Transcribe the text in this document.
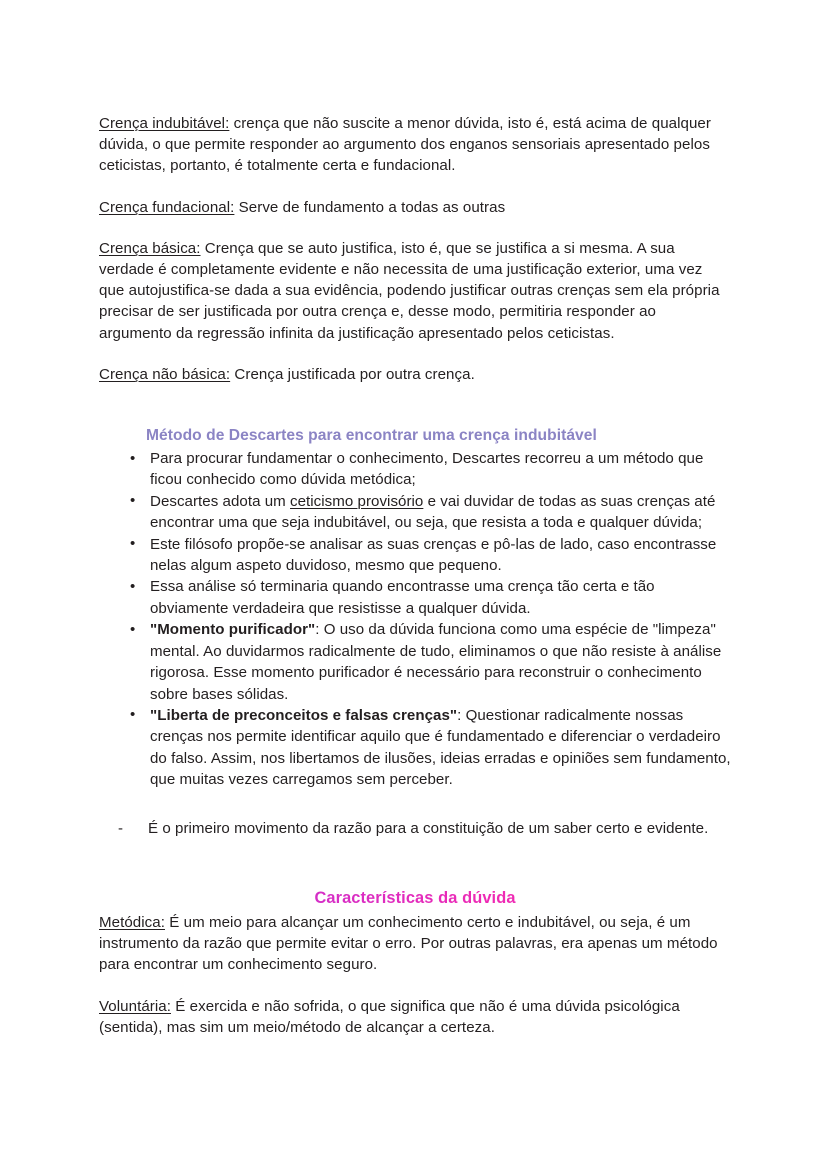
Crença indubitável: crença que não suscite a menor dúvida, isto é, está acima de qualquer dúvida, o que permite responder ao argumento dos enganos sensoriais apresentado pelos ceticistas, portanto, é totalmente certa e fundacional.

Crença fundacional: Serve de fundamento a todas as outras

Crença básica: Crença que se auto justifica, isto é, que se justifica a si mesma. A sua verdade é completamente evidente e não necessita de uma justificação exterior, uma vez que autojustifica-se dada a sua evidência, podendo justificar outras crenças sem ela própria precisar de ser justificada por outra crença e, desse modo, permitiria responder ao argumento da regressão infinita da justificação apresentado pelos ceticistas.

Crença não básica: Crença justificada por outra crença.

Método de Descartes para encontrar uma crença indubitável
• Para procurar fundamentar o conhecimento, Descartes recorreu a um método que ficou conhecido como dúvida metódica;
• Descartes adota um ceticismo provisório e vai duvidar de todas as suas crenças até encontrar uma que seja indubitável, ou seja, que resista a toda e qualquer dúvida;
• Este filósofo propõe-se analisar as suas crenças e pô-las de lado, caso encontrasse nelas algum aspeto duvidoso, mesmo que pequeno.
• Essa análise só terminaria quando encontrasse uma crença tão certa e tão obviamente verdadeira que resistisse a qualquer dúvida.
• "Momento purificador": O uso da dúvida funciona como uma espécie de "limpeza" mental. Ao duvidarmos radicalmente de tudo, eliminamos o que não resiste à análise rigorosa. Esse momento purificador é necessário para reconstruir o conhecimento sobre bases sólidas.
• "Liberta de preconceitos e falsas crenças": Questionar radicalmente nossas crenças nos permite identificar aquilo que é fundamentado e diferenciar o verdadeiro do falso. Assim, nos libertamos de ilusões, ideias erradas e opiniões sem fundamento, que muitas vezes carregamos sem perceber.
- É o primeiro movimento da razão para a constituição de um saber certo e evidente.
Características da dúvida

Metódica: É um meio para alcançar um conhecimento certo e indubitável, ou seja, é um instrumento da razão que permite evitar o erro. Por outras palavras, era apenas um método para encontrar um conhecimento seguro.

Voluntária: É exercida e não sofrida, o que significa que não é uma dúvida psicológica (sentida), mas sim um meio/método de alcançar a certeza.
